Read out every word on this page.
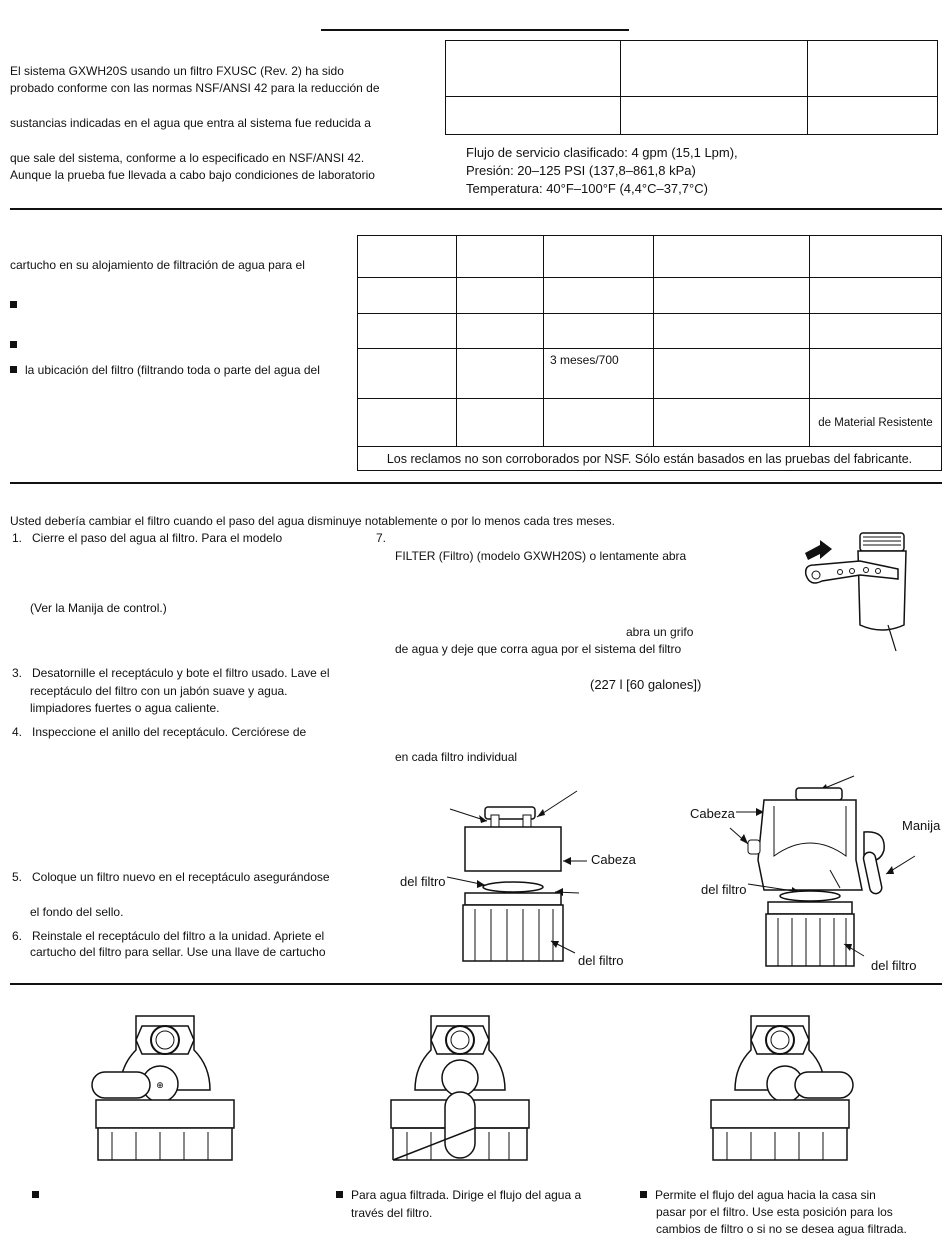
El sistema GXWH20S usando un filtro FXUSC (Rev. 2) ha sido
probado conforme con las normas NSF/ANSI 42 para la reducción de
sustancias indicadas en el agua que entra al sistema fue reducida a
que sale del sistema, conforme a lo especificado en NSF/ANSI 42.
Aunque la prueba fue llevada a cabo bajo condiciones de laboratorio

Flujo de servicio clasificado: 4 gpm (15,1 Lpm),
Presión: 20–125 PSI (137,8–861,8 kPa)
Temperatura: 40°F–100°F (4,4°C–37,7°C)
cartucho en su alojamiento de filtración de agua para el
la ubicación del filtro (filtrando toda o parte del agua del

		3 meses/700		
				de Material Resistente
Los reclamos no son corroborados por NSF. Sólo están basados en las pruebas del fabricante.				
Usted debería cambiar el filtro cuando el paso del agua disminuye notablemente o por lo menos cada tres meses.
1. Cierre el paso del agua al filtro. Para el modelo
(Ver la Manija de control.)
3. Desatornille el receptáculo y bote el filtro usado. Lave el
receptáculo del filtro con un jabón suave y agua.
limpiadores fuertes o agua caliente.
4. Inspeccione el anillo del receptáculo. Cerciórese de
5. Coloque un filtro nuevo en el receptáculo asegurándose
el fondo del sello.
6. Reinstale el receptáculo del filtro a la unidad. Apriete el
cartucho del filtro para sellar. Use una llave de cartucho
7.
FILTER (Filtro) (modelo GXWH20S) o lentamente abra
abra un grifo
de agua y deje que corra agua por el sistema del filtro
(227 l [60 galones])
en cada filtro individual
Cabeza
del filtro
del filtro
Cabeza
Manija
del filtro
del filtro
⊕
Para agua filtrada. Dirige el flujo del agua a
través del filtro.
Permite el flujo del agua hacia la casa sin
pasar por el filtro. Use esta posición para los
cambios de filtro o si no se desea agua filtrada.
